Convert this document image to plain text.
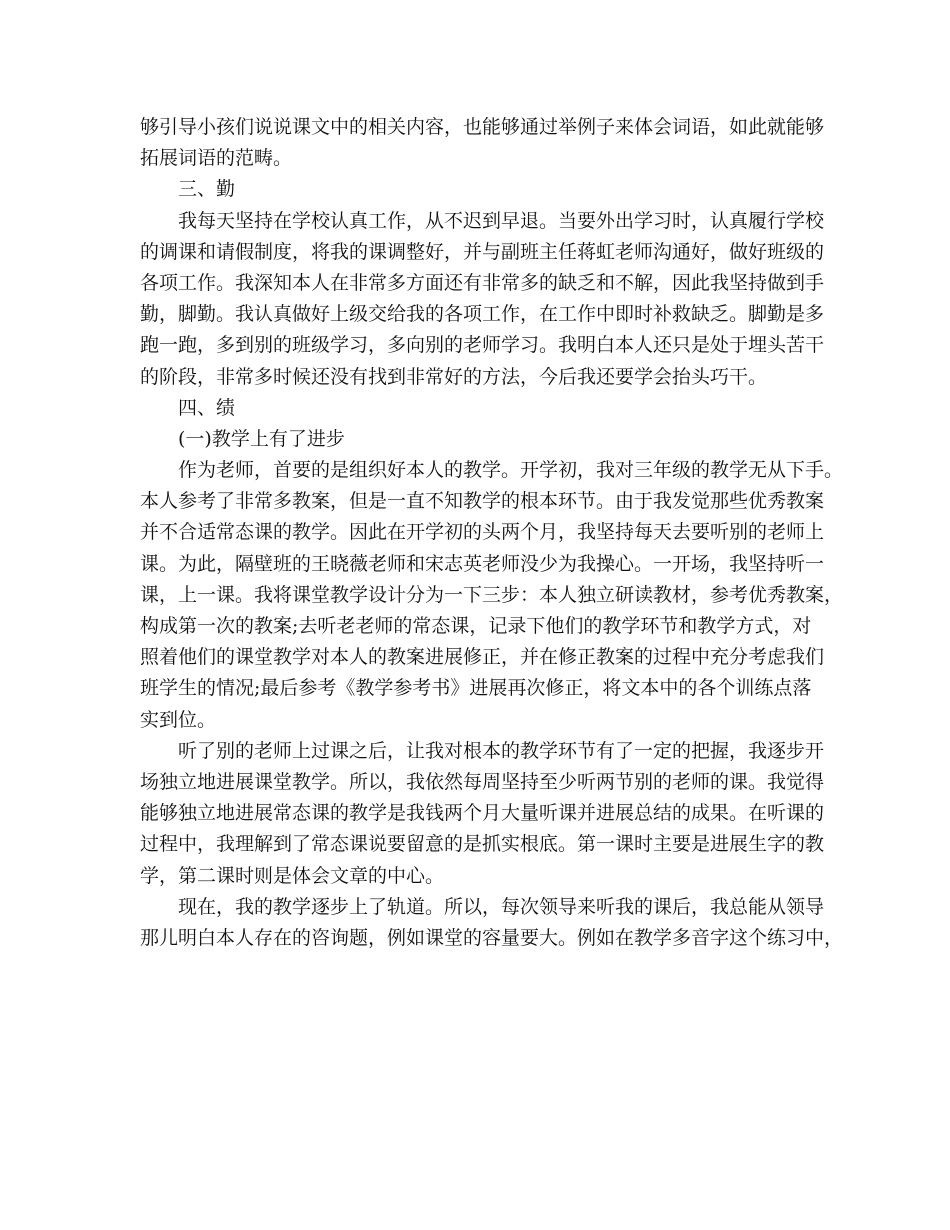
够引导小孩们说说课文中的相关内容，也能够通过举例子来体会词语，如此就能够
拓展词语的范畴。
三、勤
我每天坚持在学校认真工作，从不迟到早退。当要外出学习时，认真履行学校
的调课和请假制度，将我的课调整好，并与副班主任蒋虹老师沟通好，做好班级的
各项工作。我深知本人在非常多方面还有非常多的缺乏和不解，因此我坚持做到手
勤，脚勤。我认真做好上级交给我的各项工作，在工作中即时补救缺乏。脚勤是多
跑一跑，多到别的班级学习，多向别的老师学习。我明白本人还只是处于埋头苦干
的阶段，非常多时候还没有找到非常好的方法，今后我还要学会抬头巧干。
四、绩
(一)教学上有了进步
作为老师，首要的是组织好本人的教学。开学初，我对三年级的教学无从下手。
本人参考了非常多教案，但是一直不知教学的根本环节。由于我发觉那些优秀教案
并不合适常态课的教学。因此在开学初的头两个月，我坚持每天去要听别的老师上
课。为此，隔壁班的王晓薇老师和宋志英老师没少为我操心。一开场，我坚持听一
课，上一课。我将课堂教学设计分为一下三步：本人独立研读教材，参考优秀教案，
构成第一次的教案;去听老老师的常态课，记录下他们的教学环节和教学方式，对
照着他们的课堂教学对本人的教案进展修正，并在修正教案的过程中充分考虑我们
班学生的情况;最后参考《教学参考书》进展再次修正，将文本中的各个训练点落
实到位。
听了别的老师上过课之后，让我对根本的教学环节有了一定的把握，我逐步开
场独立地进展课堂教学。所以，我依然每周坚持至少听两节别的老师的课。我觉得
能够独立地进展常态课的教学是我钱两个月大量听课并进展总结的成果。在听课的
过程中，我理解到了常态课说要留意的是抓实根底。第一课时主要是进展生字的教
学，第二课时则是体会文章的中心。
现在，我的教学逐步上了轨道。所以，每次领导来听我的课后，我总能从领导
那儿明白本人存在的咨询题，例如课堂的容量要大。例如在教学多音字这个练习中，
